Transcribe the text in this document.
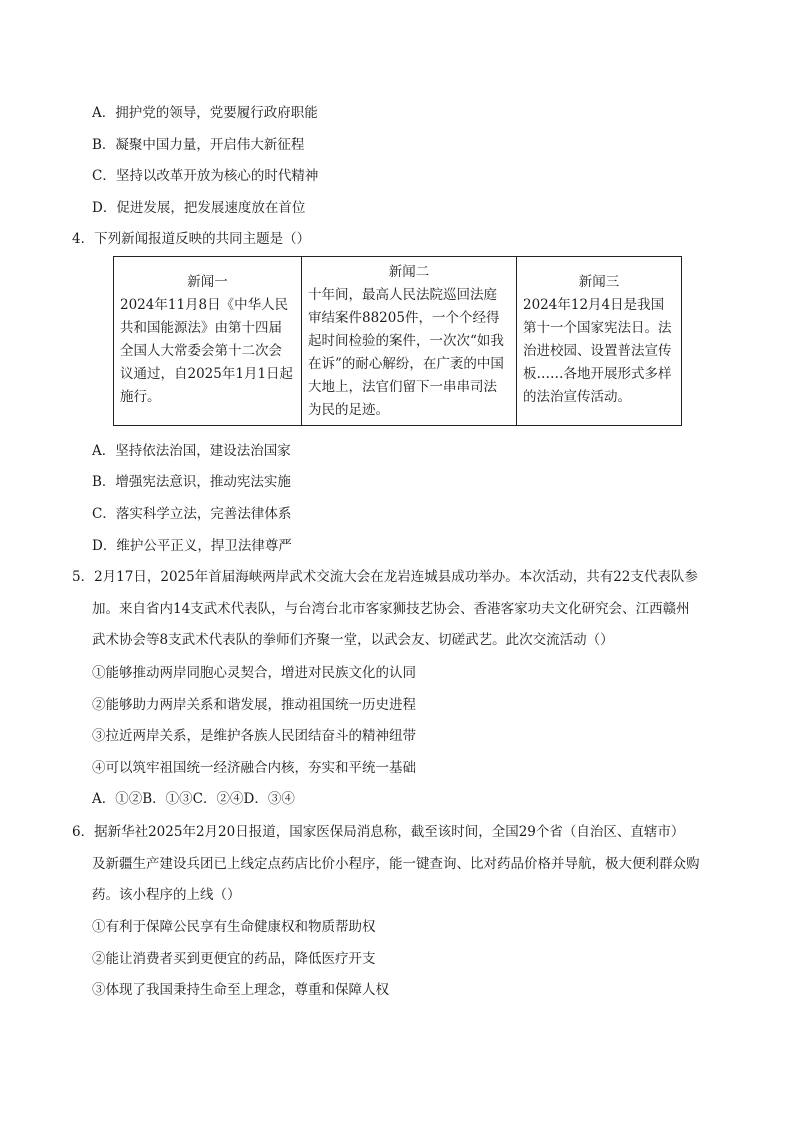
A．拥护党的领导，党要履行政府职能
B．凝聚中国力量，开启伟大新征程
C．坚持以改革开放为核心的时代精神
D．促进发展，把发展速度放在首位
4．下列新闻报道反映的共同主题是（）
新闻一
2024年11月8日《中华人民共和国能源法》由第十四届全国人大常委会第十二次会议通过，自2025年1月1日起施行。	
新闻二
十年间，最高人民法院巡回法庭审结案件88205件，一个个经得起时间检验的案件，一次次“如我在诉”的耐心解纷，在广袤的中国大地上，法官们留下一串串司法为民的足迹。	
新闻三
2024年12月4日是我国第十一个国家宪法日。法治进校园、设置普法宣传板……各地开展形式多样的法治宣传活动。
A．坚持依法治国，建设法治国家
B．增强宪法意识，推动宪法实施
C．落实科学立法，完善法律体系
D．维护公平正义，捍卫法律尊严
5．2月17日，2025年首届海峡两岸武术交流大会在龙岩连城县成功举办。本次活动，共有22支代表队参
加。来自省内14支武术代表队，与台湾台北市客家狮技艺协会、香港客家功夫文化研究会、江西赣州
武术协会等8支武术代表队的拳师们齐聚一堂，以武会友、切磋武艺。此次交流活动（）
①能够推动两岸同胞心灵契合，增进对民族文化的认同
②能够助力两岸关系和谐发展，推动祖国统一历史进程
③拉近两岸关系，是维护各族人民团结奋斗的精神纽带
④可以筑牢祖国统一经济融合内核，夯实和平统一基础
A．①②B．①③C．②④D．③④
6．据新华社2025年2月20日报道，国家医保局消息称，截至该时间，全国29个省（自治区、直辖市）
及新疆生产建设兵团已上线定点药店比价小程序，能一键查询、比对药品价格并导航，极大便利群众购
药。该小程序的上线（）
①有利于保障公民享有生命健康权和物质帮助权
②能让消费者买到更便宜的药品，降低医疗开支
③体现了我国秉持生命至上理念，尊重和保障人权
